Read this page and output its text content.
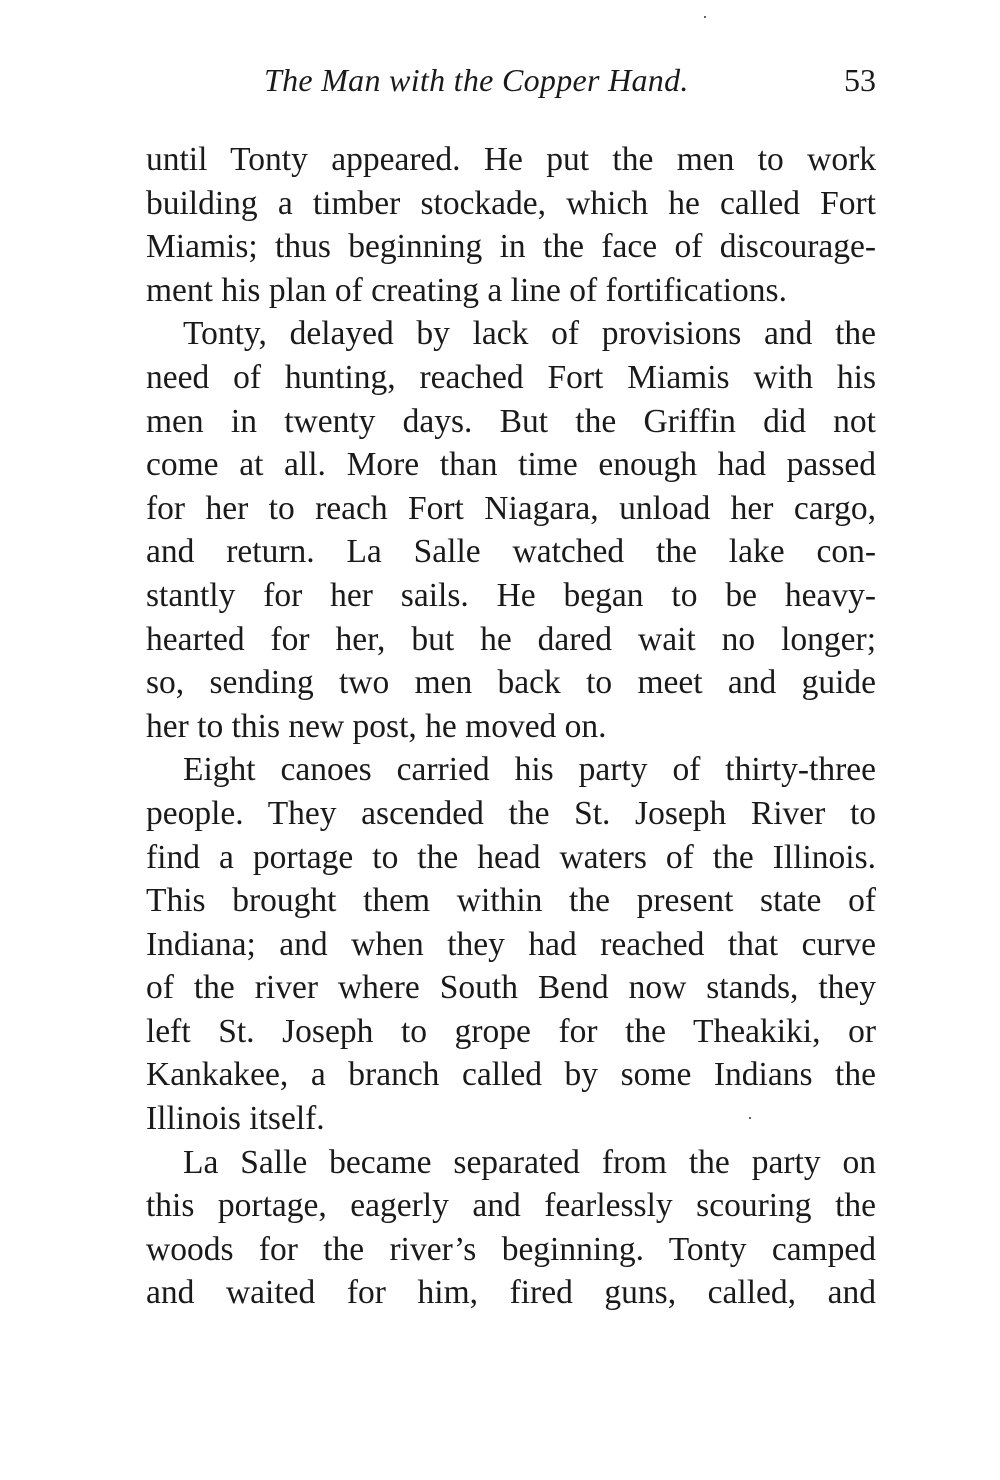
The Man with the Copper Hand.	53
until Tonty appeared. He put the men to work
building a timber stockade, which he called Fort
Miamis; thus beginning in the face of discourage-
ment his plan of creating a line of fortifications.
Tonty, delayed by lack of provisions and the
need of hunting, reached Fort Miamis with his
men in twenty days. But the Griffin did not
come at all. More than time enough had passed
for her to reach Fort Niagara, unload her cargo,
and return. La Salle watched the lake con-
stantly for her sails. He began to be heavy-
hearted for her, but he dared wait no longer;
so, sending two men back to meet and guide
her to this new post, he moved on.
Eight canoes carried his party of thirty-three
people. They ascended the St. Joseph River to
find a portage to the head waters of the Illinois.
This brought them within the present state of
Indiana; and when they had reached that curve
of the river where South Bend now stands, they
left St. Joseph to grope for the Theakiki, or
Kankakee, a branch called by some Indians the
Illinois itself.
La Salle became separated from the party on
this portage, eagerly and fearlessly scouring the
woods for the river’s beginning. Tonty camped
and waited for him, fired guns, called, and
